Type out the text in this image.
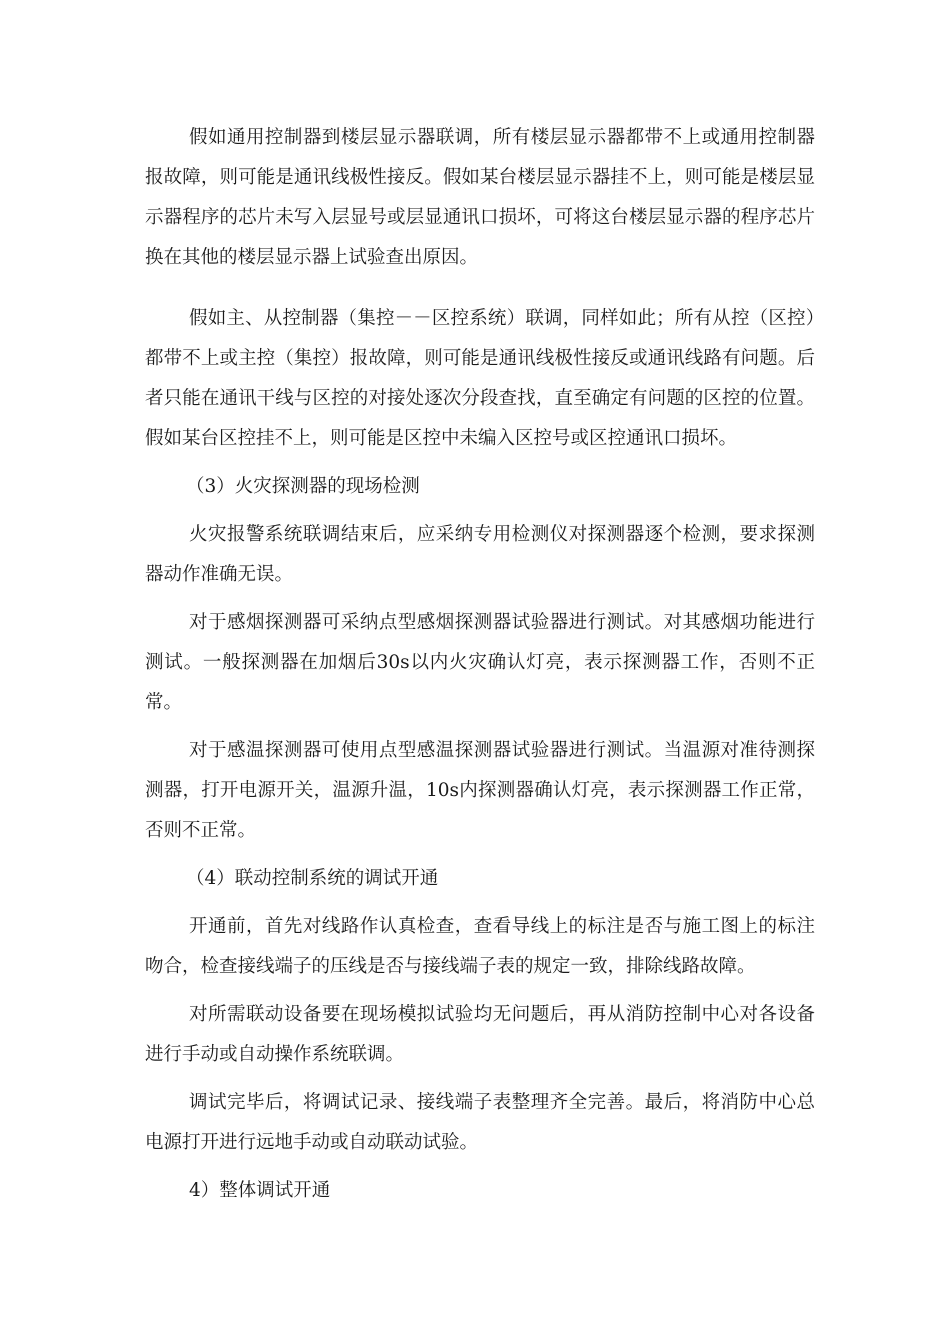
假如通用控制器到楼层显示器联调，所有楼层显示器都带不上或通用控制器报故障，则可能是通讯线极性接反。假如某台楼层显示器挂不上，则可能是楼层显示器程序的芯片未写入层显号或层显通讯口损坏，可将这台楼层显示器的程序芯片换在其他的楼层显示器上试验查出原因。

假如主、从控制器（集控－－区控系统）联调，同样如此；所有从控（区控）都带不上或主控（集控）报故障，则可能是通讯线极性接反或通讯线路有问题。后者只能在通讯干线与区控的对接处逐次分段查找，直至确定有问题的区控的位置。假如某台区控挂不上，则可能是区控中未编入区控号或区控通讯口损坏。

（3）火灾探测器的现场检测

火灾报警系统联调结束后，应采纳专用检测仪对探测器逐个检测，要求探测器动作准确无误。

对于感烟探测器可采纳点型感烟探测器试验器进行测试。对其感烟功能进行测试。一般探测器在加烟后30s以内火灾确认灯亮，表示探测器工作，否则不正常。

对于感温探测器可使用点型感温探测器试验器进行测试。当温源对准待测探测器，打开电源开关，温源升温，10s内探测器确认灯亮，表示探测器工作正常，否则不正常。

（4）联动控制系统的调试开通

开通前，首先对线路作认真检查，查看导线上的标注是否与施工图上的标注吻合，检查接线端子的压线是否与接线端子表的规定一致，排除线路故障。

对所需联动设备要在现场模拟试验均无问题后，再从消防控制中心对各设备进行手动或自动操作系统联调。

调试完毕后，将调试记录、接线端子表整理齐全完善。最后，将消防中心总电源打开进行远地手动或自动联动试验。

4）整体调试开通
